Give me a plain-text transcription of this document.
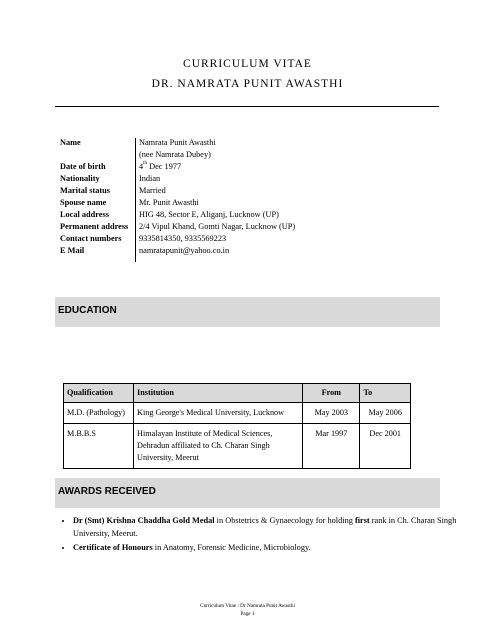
CURRICULUM VITAE
DR. NAMRATA PUNIT AWASTHI
Name	Namrata Punit Awasthi
(nee Namrata Dubey)
Date of birth	4th Dec 1977
Nationality	Indian
Marital status	Married
Spouse name	Mr. Punit Awasthi
Local address	HIG 48, Sector E, Aliganj, Lucknow (UP)
Permanent address	2/4 Vipul Khand, Gomti Nagar, Lucknow (UP)
Contact numbers	9335814350, 9335569223
E Mail	namratapunit@yahoo.co.in
EDUCATION
Qualification	Institution	From	To
M.D. (Pathology)	King George's Medical University, Lucknow	May 2003	May 2006
M.B.B.S	Himalayan Institute of Medical Sciences, Dehradun affiliated to Ch. Charan Singh University, Meerut	Mar 1997	Dec 2001
AWARDS RECEIVED
• Dr (Smt) Krishna Chaddha Gold Medal in Obstetrics & Gynaecology for holding first rank in Ch. Charan Singh University, Meerut.
• Certificate of Honours in Anatomy, Forensic Medicine, Microbiology.
Curriculum Vitae : Dr Namrata Punit Awasthi
Page 1
